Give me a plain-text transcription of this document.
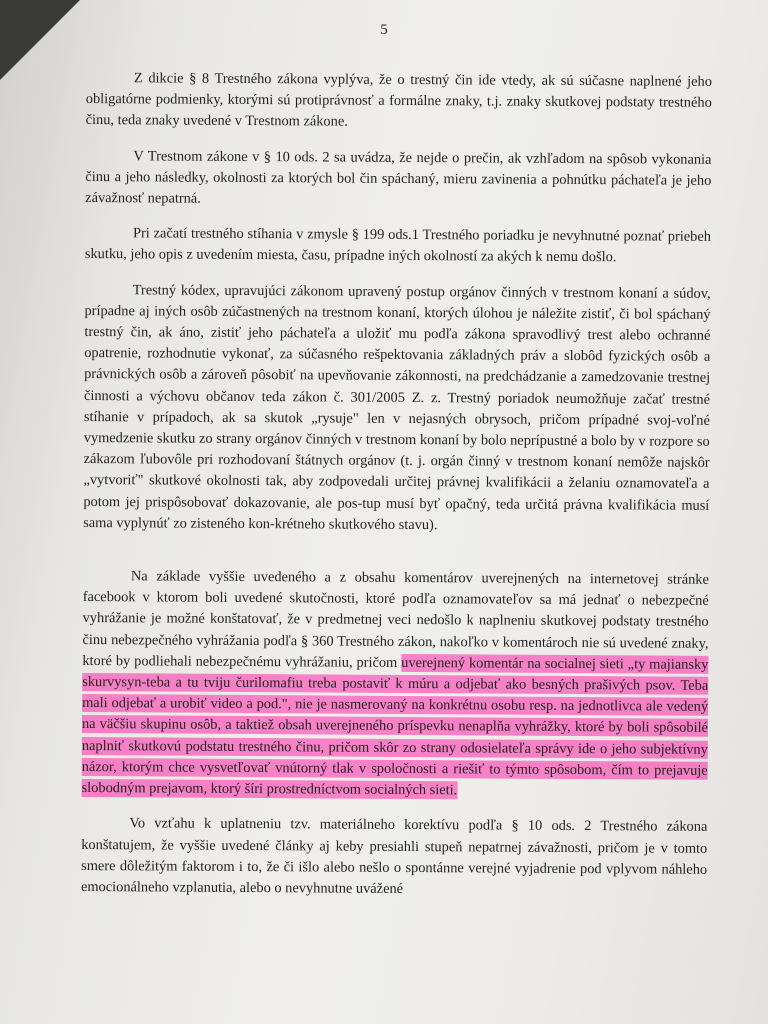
5

Z dikcie § 8 Trestného zákona vyplýva, že o trestný čin ide vtedy, ak sú súčasne naplnené jeho obligatórne podmienky, ktorými sú protiprávnosť a formálne znaky, t.j. znaky skutkovej podstaty trestného činu, teda znaky uvedené v Trestnom zákone.

V Trestnom zákone v § 10 ods. 2 sa uvádza, že nejde o prečin, ak vzhľadom na spôsob vykonania činu a jeho následky, okolnosti za ktorých bol čin spáchaný, mieru zavinenia a pohnútku páchateľa je jeho závažnosť nepatrná.

Pri začatí trestného stíhania v zmysle § 199 ods.1 Trestného poriadku je nevyhnutné poznať priebeh skutku, jeho opis z uvedením miesta, času, prípadne iných okolností za akých k nemu došlo.

Trestný kódex, upravujúci zákonom upravený postup orgánov činných v trestnom konaní a súdov, prípadne aj iných osôb zúčastnených na trestnom konaní, ktorých úlohou je náležite zistiť, či bol spáchaný trestný čin, ak áno, zistiť jeho páchateľa a uložiť mu podľa zákona spravodlivý trest alebo ochranné opatrenie, rozhodnutie vykonať, za súčasného rešpektovania základných práv a slobôd fyzických osôb a právnických osôb a zároveň pôsobiť na upevňovanie zákonnosti, na predchádzanie a zamedzovanie trestnej činnosti a výchovu občanov teda zákon č. 301/2005 Z. z. Trestný poriadok neumožňuje začať trestné stíhanie v prípadoch, ak sa skutok „rysuje" len v nejasných obrysoch, pričom prípadné svoj-voľné vymedzenie skutku zo strany orgánov činných v trestnom konaní by bolo neprípustné a bolo by v rozpore so zákazom ľubovôle pri rozhodovaní štátnych orgánov (t. j. orgán činný v trestnom konaní nemôže najskôr „vytvoriť" skutkové okolnosti tak, aby zodpovedali určitej právnej kvalifikácii a želaniu oznamovateľa a potom jej prispôsobovať dokazovanie, ale pos-tup musí byť opačný, teda určitá právna kvalifikácia musí sama vyplynúť zo zisteného kon-krétneho skutkového stavu).

Na základe vyššie uvedeného a z obsahu komentárov uverejnených na internetovej stránke facebook v ktorom boli uvedené skutočnosti, ktoré podľa oznamovateľov sa má jednať o nebezpečné vyhrážanie je možné konštatovať, že v predmetnej veci nedošlo k naplneniu skutkovej podstaty trestného činu nebezpečného vyhrážania podľa § 360 Trestného zákon, nakoľko v komentároch nie sú uvedené znaky, ktoré by podliehali nebezpečnému vyhrážaniu, pričom uverejnený komentár na socialnej sieti „ty majiansky skurvysyn-teba a tu tviju čurilomafiu treba postaviť k múru a odjebať ako besných prašivých psov. Teba mali odjebať a urobiť video a pod.", nie je nasmerovaný na konkrétnu osobu resp. na jednotlivca ale vedený na väčšiu skupinu osôb, a taktiež obsah uverejneného príspevku nenaplňa vyhrážky, ktoré by boli spôsobilé naplniť skutkovú podstatu trestného činu, pričom skôr zo strany odosielateľa správy ide o jeho subjektívny názor, ktorým chce vysvetľovať vnútorný tlak v spoločnosti a riešiť to týmto spôsobom, čím to prejavuje slobodným prejavom, ktorý šíri prostredníctvom socialných sieti.

Vo vzťahu k uplatneniu tzv. materiálneho korektívu podľa § 10 ods. 2 Trestného zákona konštatujem, že vyššie uvedené články aj keby presiahli stupeň nepatrnej závažnosti, pričom je v tomto smere dôležitým faktorom i to, že či išlo alebo nešlo o spontánne verejné vyjadrenie pod vplyvom náhleho emocionálneho vzplanutia, alebo o nevyhnutne uvážené
